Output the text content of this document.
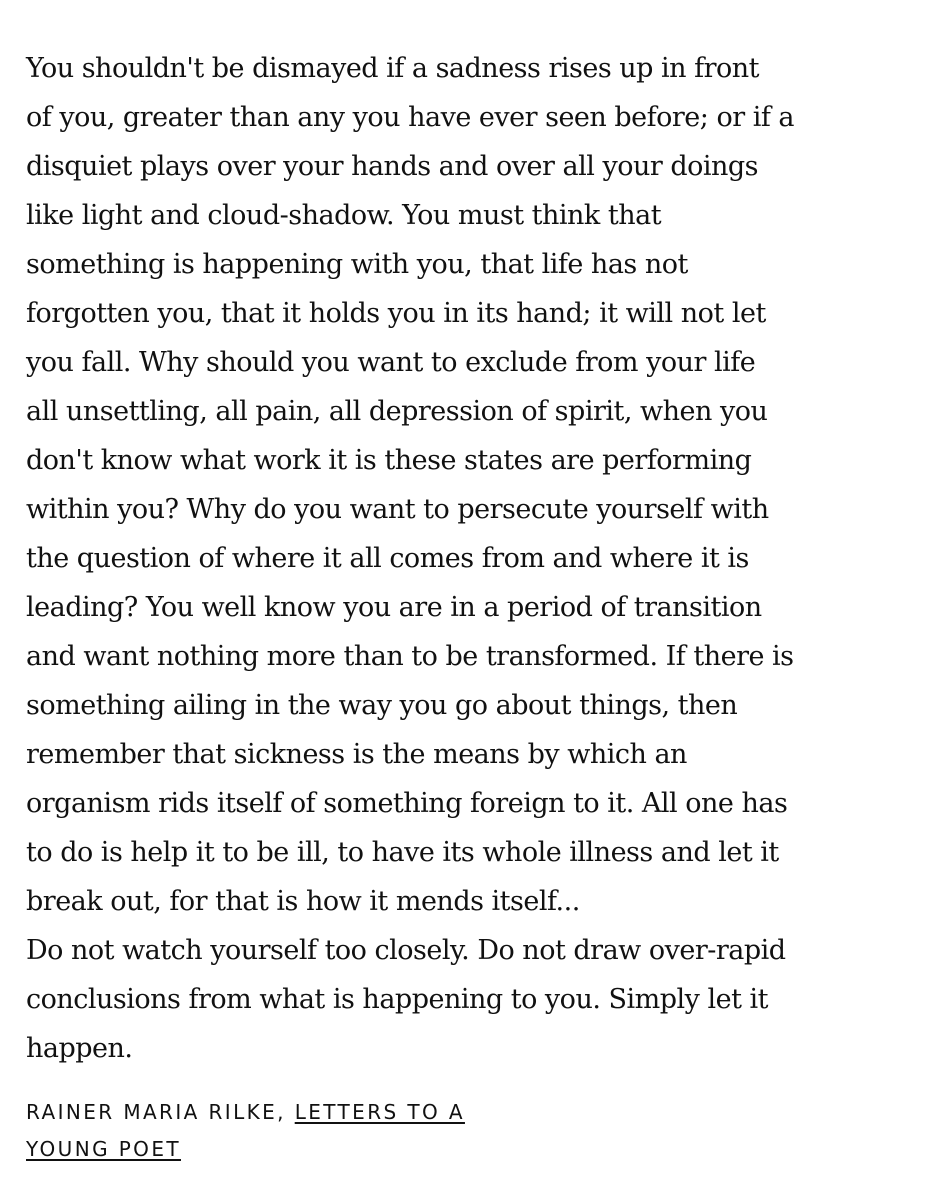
You shouldn't be dismayed if a sadness rises up in front
of you, greater than any you have ever seen before; or if a
disquiet plays over your hands and over all your doings
like light and cloud-shadow. You must think that
something is happening with you, that life has not
forgotten you, that it holds you in its hand; it will not let
you fall. Why should you want to exclude from your life
all unsettling, all pain, all depression of spirit, when you
don't know what work it is these states are performing
within you? Why do you want to persecute yourself with
the question of where it all comes from and where it is
leading? You well know you are in a period of transition
and want nothing more than to be transformed. If there is
something ailing in the way you go about things, then
remember that sickness is the means by which an
organism rids itself of something foreign to it. All one has
to do is help it to be ill, to have its whole illness and let it
break out, for that is how it mends itself...
Do not watch yourself too closely. Do not draw over-rapid
conclusions from what is happening to you. Simply let it
happen.
RAINER MARIA RILKE, LETTERS TO A
YOUNG POET
